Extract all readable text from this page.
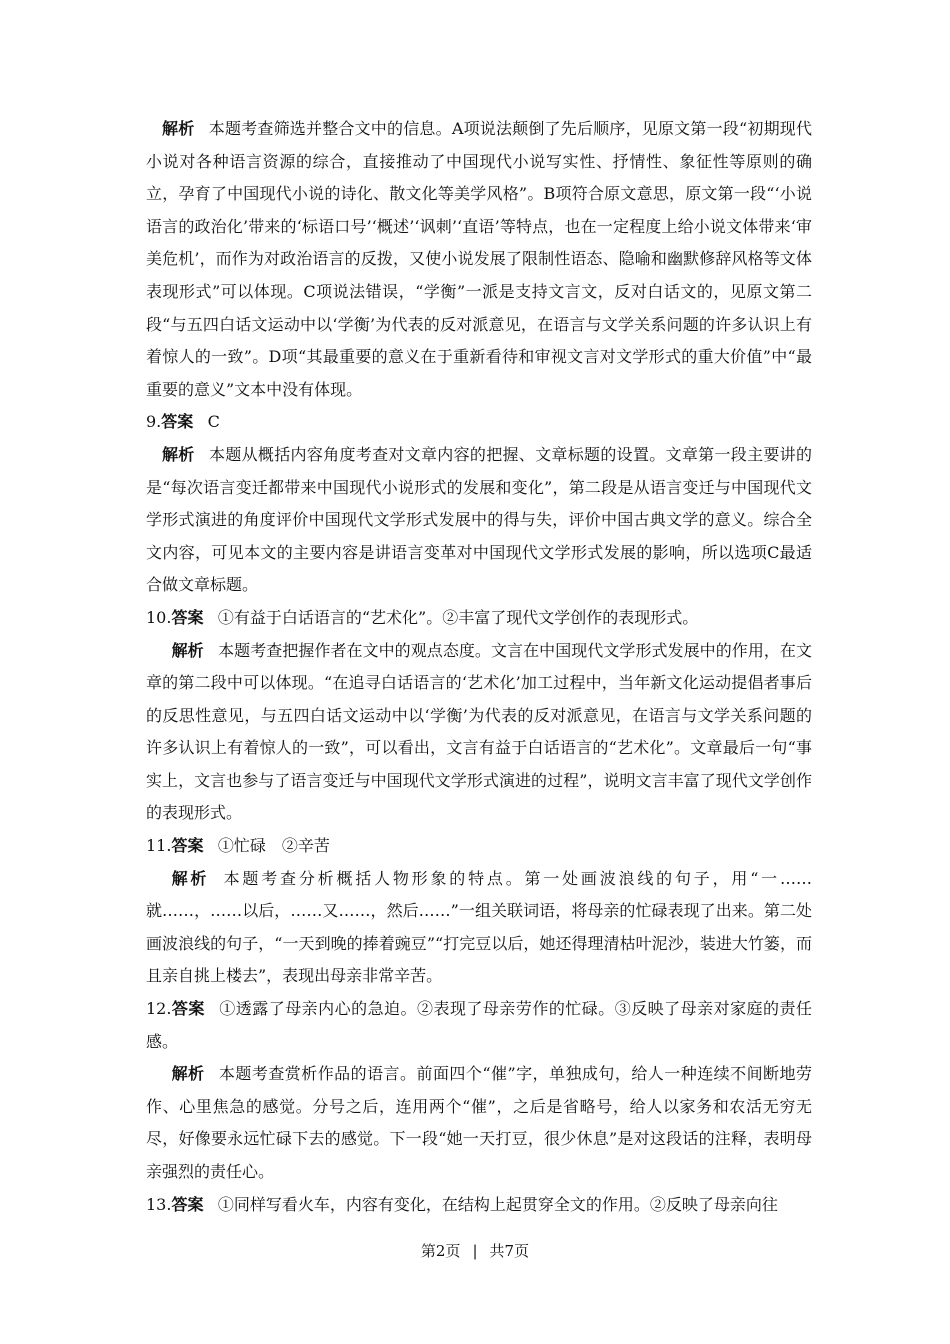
解析 本题考查筛选并整合文中的信息。A项说法颠倒了先后顺序，见原文第一段“初期现代小说对各种语言资源的综合，直接推动了中国现代小说写实性、抒情性、象征性等原则的确立，孕育了中国现代小说的诗化、散文化等美学风格”。B项符合原文意思，原文第一段“‘小说语言的政治化’带来的‘标语口号’‘概述’‘讽刺’‘直语’等特点，也在一定程度上给小说文体带来‘审美危机’，而作为对政治语言的反拨，又使小说发展了限制性语态、隐喻和幽默修辞风格等文体表现形式”可以体现。C项说法错误，“学衡”一派是支持文言文，反对白话文的，见原文第二段“与五四白话文运动中以‘学衡’为代表的反对派意见，在语言与文学关系问题的许多认识上有着惊人的一致”。D项“其最重要的意义在于重新看待和审视文言对文学形式的重大价值”中“最重要的意义”文本中没有体现。

9.答案 C

解析 本题从概括内容角度考查对文章内容的把握、文章标题的设置。文章第一段主要讲的是“每次语言变迁都带来中国现代小说形式的发展和变化”，第二段是从语言变迁与中国现代文学形式演进的角度评价中国现代文学形式发展中的得与失，评价中国古典文学的意义。综合全文内容，可见本文的主要内容是讲语言变革对中国现代文学形式发展的影响，所以选项C最适合做文章标题。

10.答案 ①有益于白话语言的“艺术化”。②丰富了现代文学创作的表现形式。

解析 本题考查把握作者在文中的观点态度。文言在中国现代文学形式发展中的作用，在文章的第二段中可以体现。“在追寻白话语言的‘艺术化’加工过程中，当年新文化运动提倡者事后的反思性意见，与五四白话文运动中以‘学衡’为代表的反对派意见，在语言与文学关系问题的许多认识上有着惊人的一致”，可以看出，文言有益于白话语言的“艺术化”。文章最后一句“事实上，文言也参与了语言变迁与中国现代文学形式演进的过程”，说明文言丰富了现代文学创作的表现形式。

11.答案 ①忙碌　②辛苦

解析 本题考查分析概括人物形象的特点。第一处画波浪线的句子，用“一……就……，……以后，……又……，然后……”一组关联词语，将母亲的忙碌表现了出来。第二处画波浪线的句子，“一天到晚的捧着豌豆”“打完豆以后，她还得理清枯叶泥沙，装进大竹篓，而且亲自挑上楼去”，表现出母亲非常辛苦。

12.答案 ①透露了母亲内心的急迫。②表现了母亲劳作的忙碌。③反映了母亲对家庭的责任感。

解析 本题考查赏析作品的语言。前面四个“催”字，单独成句，给人一种连续不间断地劳作、心里焦急的感觉。分号之后，连用两个“催”，之后是省略号，给人以家务和农活无穷无尽，好像要永远忙碌下去的感觉。下一段“她一天打豆，很少休息”是对这段话的注释，表明母亲强烈的责任心。

13.答案 ①同样写看火车，内容有变化，在结构上起贯穿全文的作用。②反映了母亲向往

第2页 | 共7页
